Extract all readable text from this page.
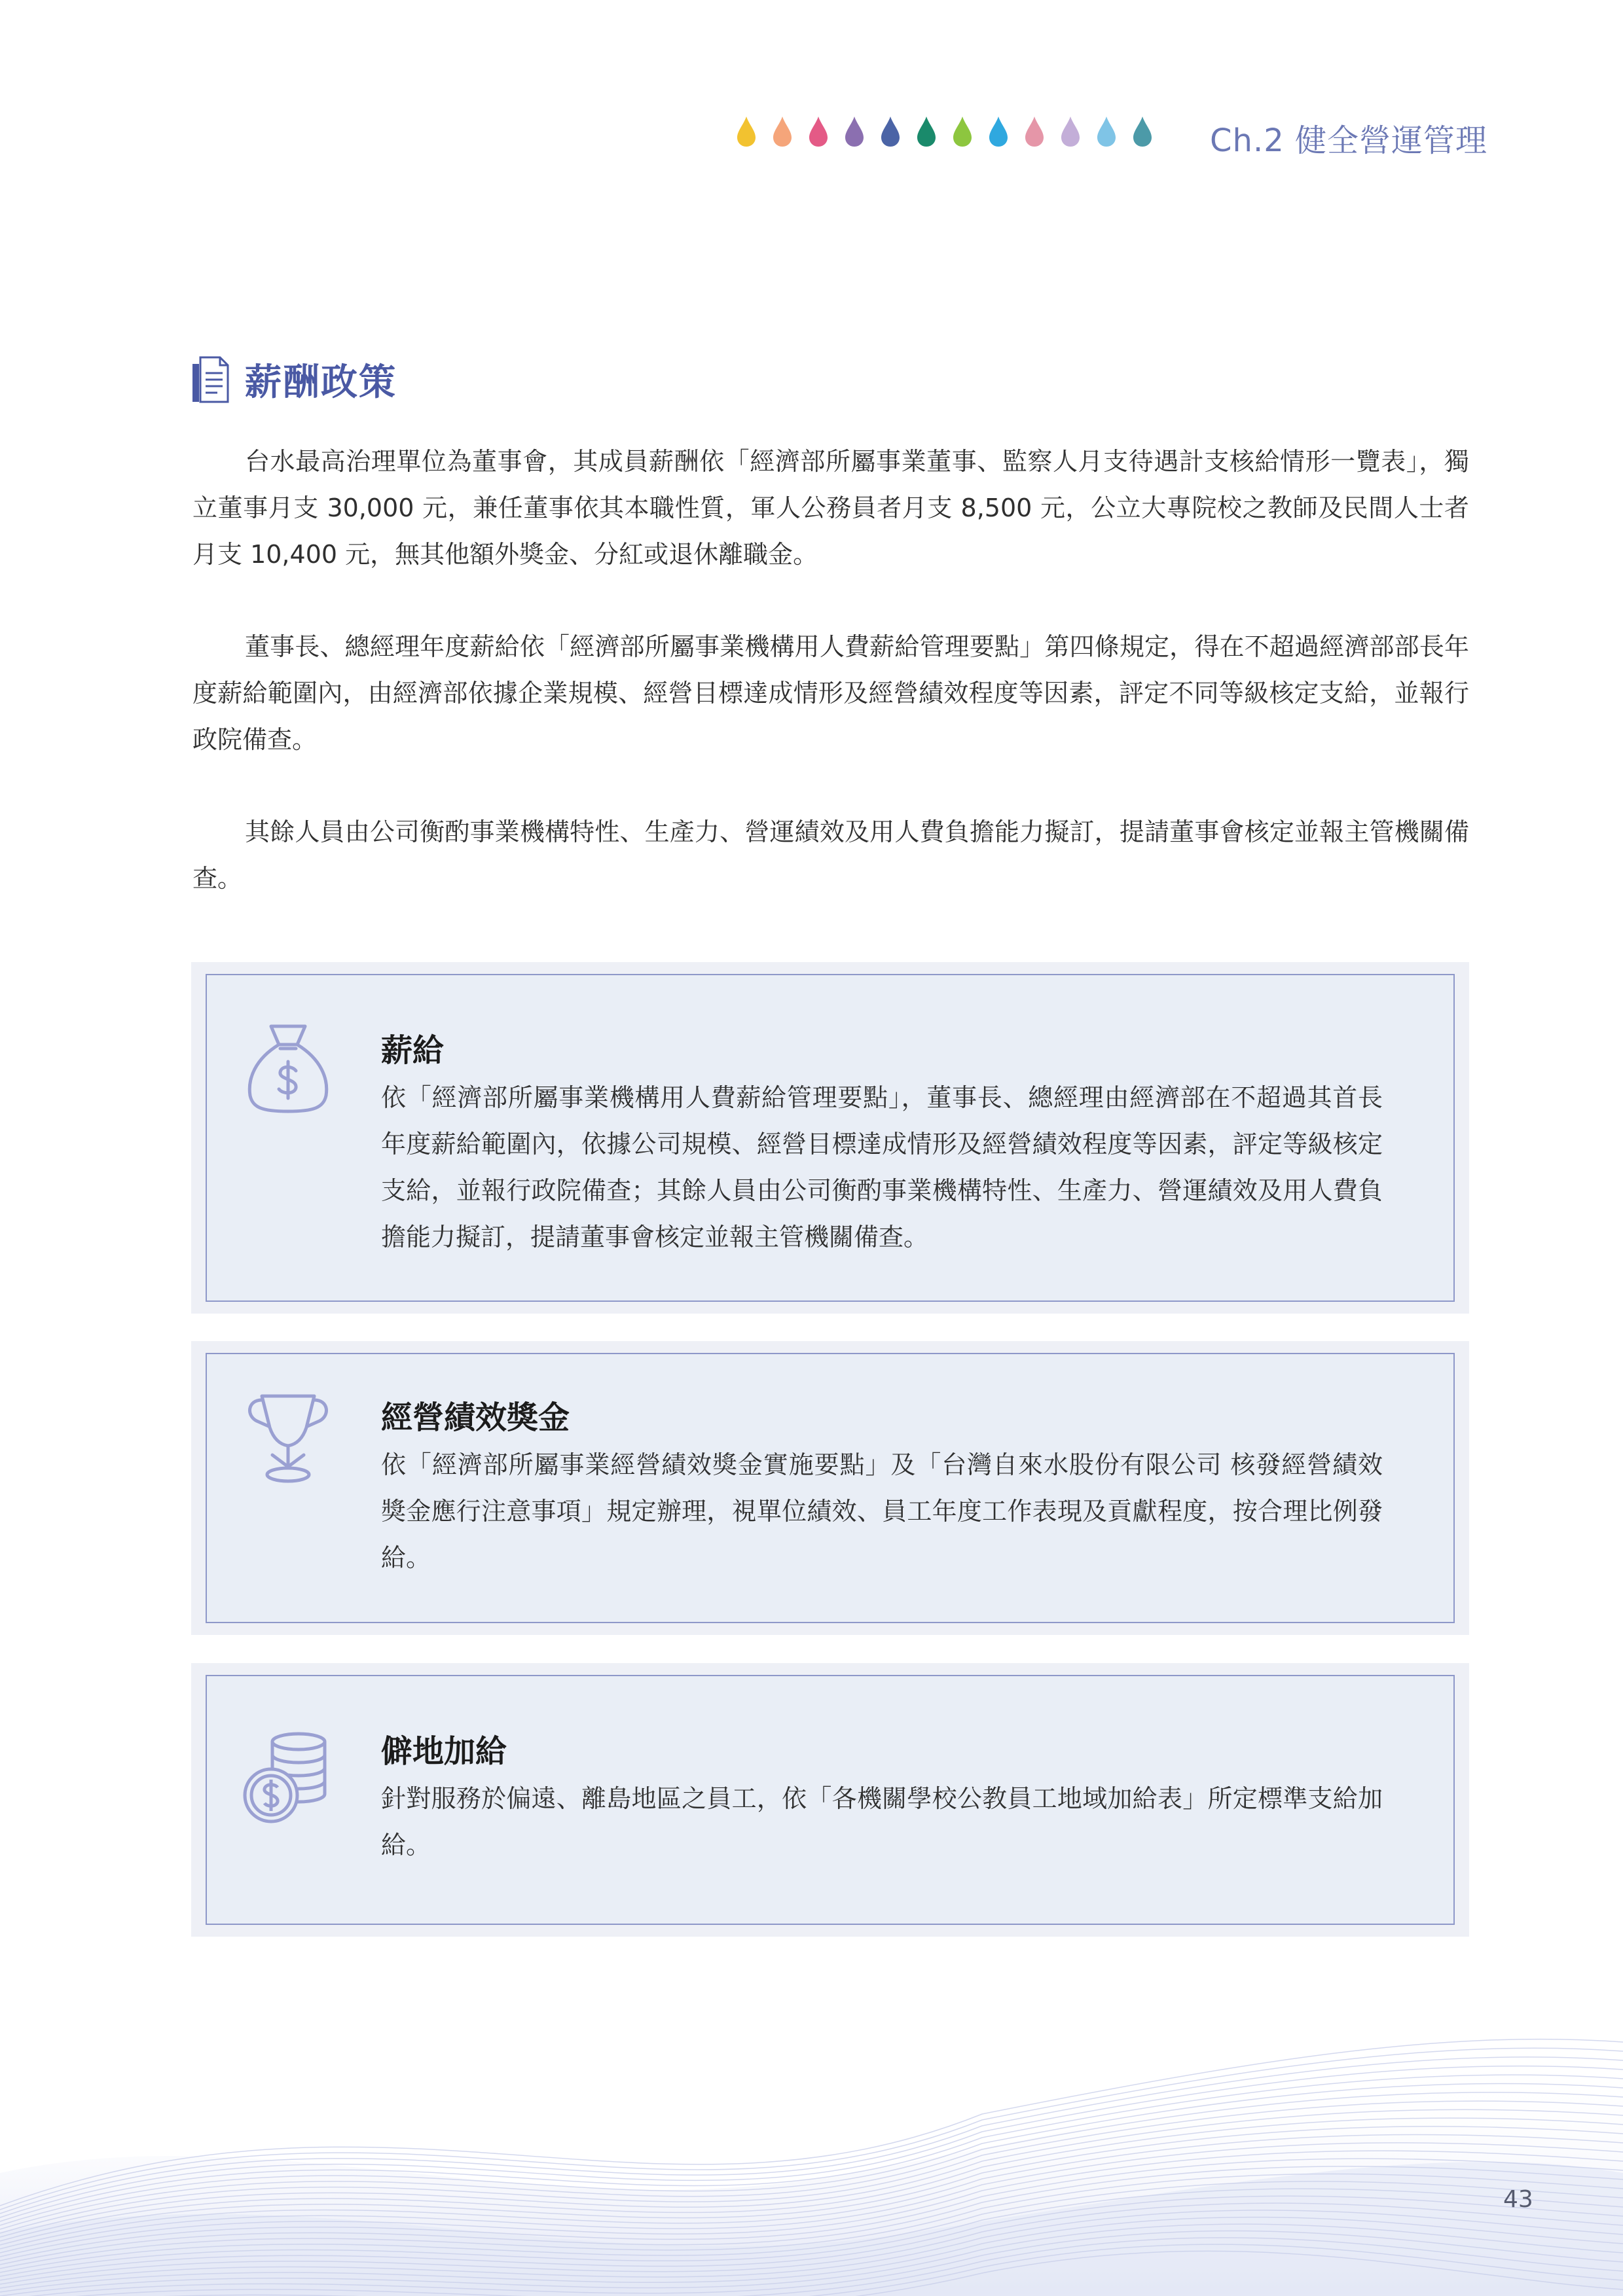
Ch.2 健全營運管理
薪酬政策

台水最高治理單位為董事會，其成員薪酬依「經濟部所屬事業董事、監察人月支待遇計支核給情形一覽表」，獨立董事月支 30,000 元，兼任董事依其本職性質，軍人公務員者月支 8,500 元，公立大專院校之教師及民間人士者月支 10,400 元，無其他額外獎金、分紅或退休離職金。

董事長、總經理年度薪給依「經濟部所屬事業機構用人費薪給管理要點」第四條規定，得在不超過經濟部部長年度薪給範圍內，由經濟部依據企業規模、經營目標達成情形及經營績效程度等因素，評定不同等級核定支給，並報行政院備查。

其餘人員由公司衡酌事業機構特性、生產力、營運績效及用人費負擔能力擬訂，提請董事會核定並報主管機關備查。

薪給

依「經濟部所屬事業機構用人費薪給管理要點」，董事長、總經理由經濟部在不超過其首長年度薪給範圍內，依據公司規模、經營目標達成情形及經營績效程度等因素，評定等級核定支給，並報行政院備查；其餘人員由公司衡酌事業機構特性、生產力、營運績效及用人費負擔能力擬訂，提請董事會核定並報主管機關備查。

經營績效獎金

依「經濟部所屬事業經營績效獎金實施要點」及「台灣自來水股份有限公司 核發經營績效獎金應行注意事項」規定辦理，視單位績效、員工年度工作表現及貢獻程度，按合理比例發給。

僻地加給

針對服務於偏遠、離島地區之員工，依「各機關學校公教員工地域加給表」所定標準支給加給。

43
